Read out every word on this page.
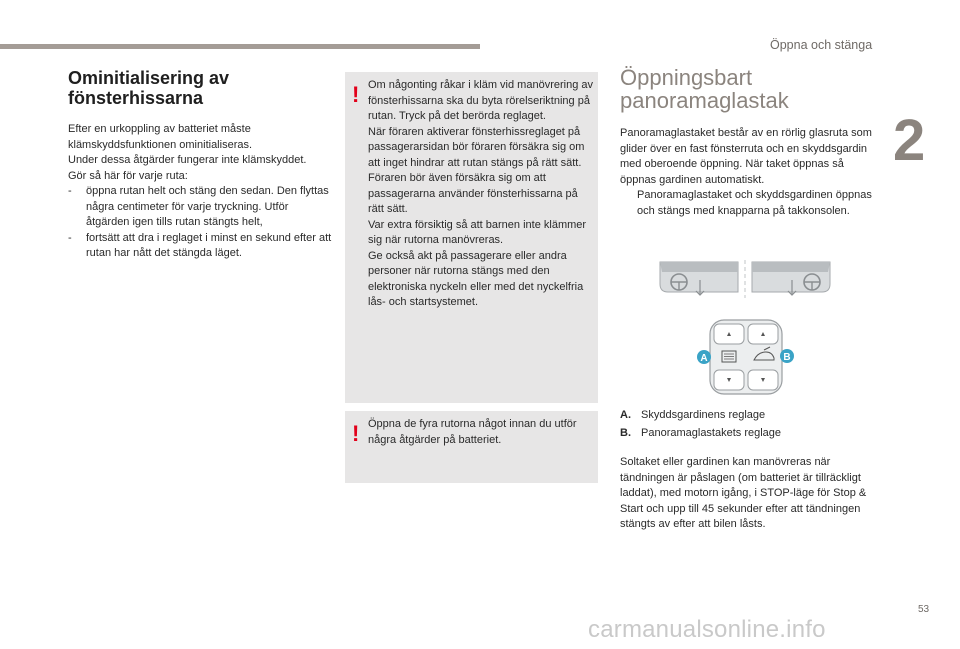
Öppna och stänga
2
Ominitialisering av
fönsterhissarna

Efter en urkoppling av batteriet måste klämskyddsfunktionen ominitialiseras.

Under dessa åtgärder fungerar inte klämskyddet.

Gör så här för varje ruta:

- öppna rutan helt och stäng den sedan. Den flyttas några centimeter för varje tryckning. Utför åtgärden igen tills rutan stängts helt,
- fortsätt att dra i reglaget i minst en sekund efter att rutan har nått det stängda läget.
! Om någonting råkar i kläm vid manövrering av fönsterhissarna ska du byta rörelseriktning på rutan. Tryck på det berörda reglaget.

När föraren aktiverar fönsterhissreglaget på passagerarsidan bör föraren försäkra sig om att inget hindrar att rutan stängs på rätt sätt.

Föraren bör även försäkra sig om att passagerarna använder fönsterhissarna på rätt sätt.

Var extra försiktig så att barnen inte klämmer sig när rutorna manövreras.

Ge också akt på passagerare eller andra personer när rutorna stängs med den elektroniska nyckeln eller med det nyckelfria lås- och startsystemet.

! Öppna de fyra rutorna något innan du utför några åtgärder på batteriet.

Öppningsbart
panoramaglastak

Panoramaglastaket består av en rörlig glasruta som glider över en fast fönsterruta och en skyddsgardin med oberoende öppning. När taket öppnas så öppnas gardinen automatiskt.

Panoramaglastaket och skyddsgardinen öppnas och stängs med knapparna på takkonsolen.
A	B
A. Skyddsgardinens reglage
B. Panoramaglastakets reglage
Soltaket eller gardinen kan manövreras när tändningen är påslagen (om batteriet är tillräckligt laddat), med motorn igång, i STOP-läge för Stop & Start och upp till 45 sekunder efter att tändningen stängts av efter att bilen låsts.
53
carmanualsonline.info
